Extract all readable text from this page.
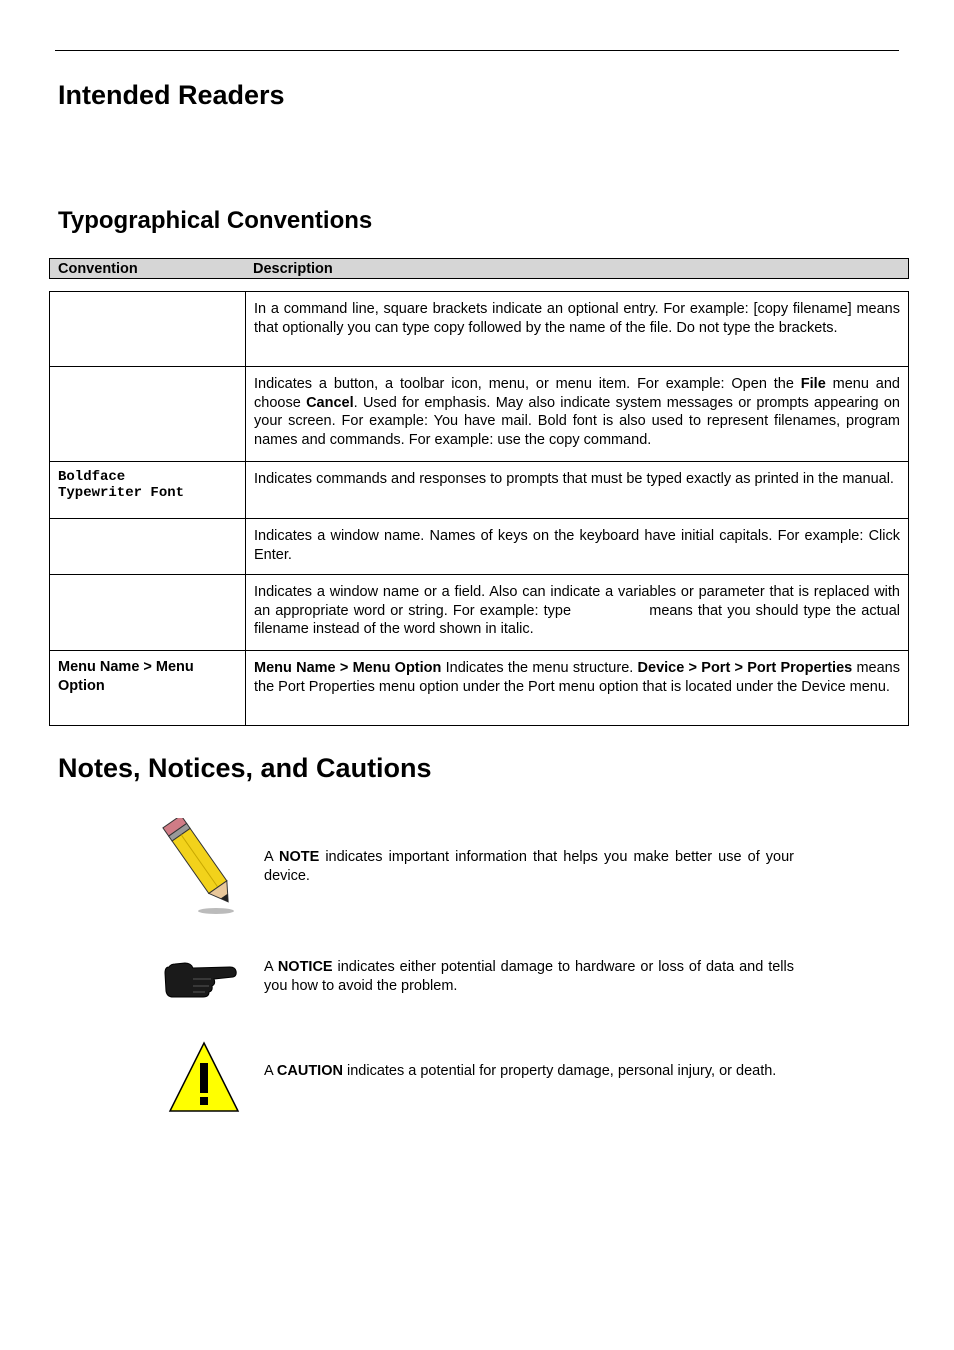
Intended Readers
Typographical Conventions
Convention	Description
	In a command line, square brackets indicate an optional entry. For example: [copy filename] means that optionally you can type copy followed by the name of the file. Do not type the brackets.
	Indicates a button, a toolbar icon, menu, or menu item. For example: Open the File menu and choose Cancel. Used for emphasis. May also indicate system messages or prompts appearing on your screen. For example: You have mail. Bold font is also used to represent filenames, program names and commands. For example: use the copy command.

Boldface
Typewriter Font	Indicates commands and responses to prompts that must be typed exactly as printed in the manual.
	Indicates a window name. Names of keys on the keyboard have initial capitals. For example: Click Enter.
	Indicates a window name or a field. Also can indicate a variables or parameter that is replaced with an appropriate word or string. For example: type means that you should type the actual filename instead of the word shown in italic.
Menu Name > Menu Option	Menu Name > Menu Option Indicates the menu structure. Device > Port > Port Properties means the Port Properties menu option under the Port menu option that is located under the Device menu.
Notes, Notices, and Cautions
A NOTE indicates important information that helps you make better use of your device.
A NOTICE indicates either potential damage to hardware or loss of data and tells you how to avoid the problem.
A CAUTION indicates a potential for property damage, personal injury, or death.
